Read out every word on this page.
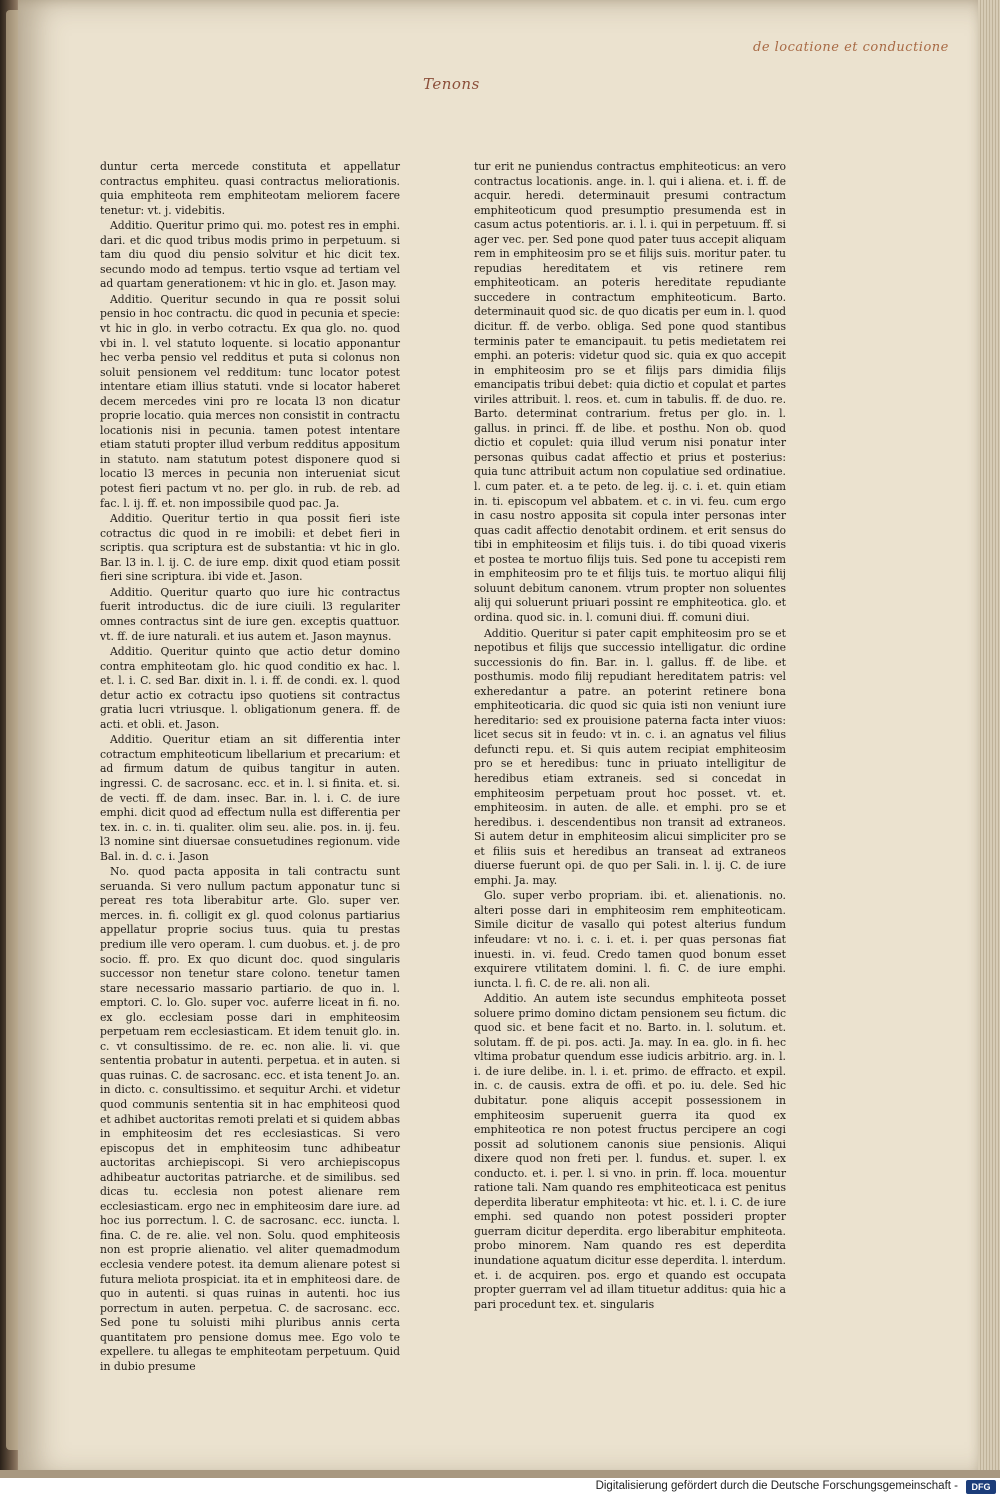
Tenons
de locatione et conductione

duntur certa mercede constituta et appellatur contractus emphiteu. quasi contractus meliorationis. quia emphiteota rem emphiteotam meliorem facere tenetur: vt. j. videbitis.

Additio. Queritur primo qui. mo. potest res in emphi. dari. et dic quod tribus modis primo in perpetuum. si tam diu quod diu pensio solvitur et hic dicit tex. secundo modo ad tempus. tertio vsque ad tertiam vel ad quartam generationem: vt hic in glo. et. Jason may.

Additio. Queritur secundo in qua re possit solui pensio in hoc contractu. dic quod in pecunia et specie: vt hic in glo. in verbo cotractu. Ex qua glo. no. quod vbi in. l. vel statuto loquente. si locatio apponantur hec verba pensio vel redditus et puta si colonus non soluit pensionem vel redditum: tunc locator potest intentare etiam illius statuti. vnde si locator haberet decem mercedes vini pro re locata l3 non dicatur proprie locatio. quia merces non consistit in contractu locationis nisi in pecunia. tamen potest intentare etiam statuti propter illud verbum redditus appositum in statuto. nam statutum potest disponere quod si locatio l3 merces in pecunia non interueniat sicut potest fieri pactum vt no. per glo. in rub. de reb. ad fac. l. ij. ff. et. non impossibile quod pac. Ja.

Additio. Queritur tertio in qua possit fieri iste cotractus dic quod in re imobili: et debet fieri in scriptis. qua scriptura est de substantia: vt hic in glo. Bar. l3 in. l. ij. C. de iure emp. dixit quod etiam possit fieri sine scriptura. ibi vide et. Jason.

Additio. Queritur quarto quo iure hic contractus fuerit introductus. dic de iure ciuili. l3 regulariter omnes contractus sint de iure gen. exceptis quattuor. vt. ff. de iure naturali. et ius autem et. Jason maynus.

Additio. Queritur quinto que actio detur domino contra emphiteotam glo. hic quod conditio ex hac. l. et. l. i. C. sed Bar. dixit in. l. i. ff. de condi. ex. l. quod detur actio ex cotractu ipso quotiens sit contractus gratia lucri vtriusque. l. obligationum genera. ff. de acti. et obli. et. Jason.

Additio. Queritur etiam an sit differentia inter cotractum emphiteoticum libellarium et precarium: et ad firmum datum de quibus tangitur in auten. ingressi. C. de sacrosanc. ecc. et in. l. si finita. et. si. de vecti. ff. de dam. insec. Bar. in. l. i. C. de iure emphi. dicit quod ad effectum nulla est differentia per tex. in. c. in. ti. qualiter. olim seu. alie. pos. in. ij. feu. l3 nomine sint diuersae consuetudines regionum. vide Bal. in. d. c. i. Jason

No. quod pacta apposita in tali contractu sunt seruanda. Si vero nullum pactum apponatur tunc si pereat res tota liberabitur arte. Glo. super ver. merces. in. fi. colligit ex gl. quod colonus partiarius appellatur proprie socius tuus. quia tu prestas predium ille vero operam. l. cum duobus. et. j. de pro socio. ff. pro. Ex quo dicunt doc. quod singularis successor non tenetur stare colono. tenetur tamen stare necessario massario partiario. de quo in. l. emptori. C. lo. Glo. super voc. auferre liceat in fi. no. ex glo. ecclesiam posse dari in emphiteosim perpetuam rem ecclesiasticam. Et idem tenuit glo. in. c. vt consultissimo. de re. ec. non alie. li. vi. que sententia probatur in autenti. perpetua. et in auten. si quas ruinas. C. de sacrosanc. ecc. et ista tenent Jo. an. in dicto. c. consultissimo. et sequitur Archi. et videtur quod communis sententia sit in hac emphiteosi quod et adhibet auctoritas remoti prelati et si quidem abbas in emphiteosim det res ecclesiasticas. Si vero episcopus det in emphiteosim tunc adhibeatur auctoritas archiepiscopi. Si vero archiepiscopus adhibeatur auctoritas patriarche. et de similibus. sed dicas tu. ecclesia non potest alienare rem ecclesiasticam. ergo nec in emphiteosim dare iure. ad hoc ius porrectum. l. C. de sacrosanc. ecc. iuncta. l. fina. C. de re. alie. vel non. Solu. quod emphiteosis non est proprie alienatio. vel aliter quemadmodum ecclesia vendere potest. ita demum alienare potest si futura meliota prospiciat. ita et in emphiteosi dare. de quo in autenti. si quas ruinas in autenti. hoc ius porrectum in auten. perpetua. C. de sacrosanc. ecc. Sed pone tu soluisti mihi pluribus annis certa quantitatem pro pensione domus mee. Ego volo te expellere. tu allegas te emphiteotam perpetuum. Quid in dubio presume

tur erit ne puniendus contractus emphiteoticus: an vero contractus locationis. ange. in. l. qui i aliena. et. i. ff. de acquir. heredi. determinauit presumi contractum emphiteoticum quod presumptio presumenda est in casum actus potentioris. ar. i. l. i. qui in perpetuum. ff. si ager vec. per. Sed pone quod pater tuus accepit aliquam rem in emphiteosim pro se et filijs suis. moritur pater. tu repudias hereditatem et vis retinere rem emphiteoticam. an poteris hereditate repudiante succedere in contractum emphiteoticum. Barto. determinauit quod sic. de quo dicatis per eum in. l. quod dicitur. ff. de verbo. obliga. Sed pone quod stantibus terminis pater te emancipauit. tu petis medietatem rei emphi. an poteris: videtur quod sic. quia ex quo accepit in emphiteosim pro se et filijs pars dimidia filijs emancipatis tribui debet: quia dictio et copulat et partes viriles attribuit. l. reos. et. cum in tabulis. ff. de duo. re. Barto. determinat contrarium. fretus per glo. in. l. gallus. in princi. ff. de libe. et posthu. Non ob. quod dictio et copulet: quia illud verum nisi ponatur inter personas quibus cadat affectio et prius et posterius: quia tunc attribuit actum non copulatiue sed ordinatiue. l. cum pater. et. a te peto. de leg. ij. c. i. et. quin etiam in. ti. episcopum vel abbatem. et c. in vi. feu. cum ergo in casu nostro apposita sit copula inter personas inter quas cadit affectio denotabit ordinem. et erit sensus do tibi in emphiteosim et filijs tuis. i. do tibi quoad vixeris et postea te mortuo filijs tuis. Sed pone tu accepisti rem in emphiteosim pro te et filijs tuis. te mortuo aliqui filij soluunt debitum canonem. vtrum propter non soluentes alij qui soluerunt priuari possint re emphiteotica. glo. et ordina. quod sic. in. l. comuni diui. ff. comuni diui.

Additio. Queritur si pater capit emphiteosim pro se et nepotibus et filijs que successio intelligatur. dic ordine successionis do fin. Bar. in. l. gallus. ff. de libe. et posthumis. modo filij repudiant hereditatem patris: vel exheredantur a patre. an poterint retinere bona emphiteoticaria. dic quod sic quia isti non veniunt iure hereditario: sed ex prouisione paterna facta inter viuos: licet secus sit in feudo: vt in. c. i. an agnatus vel filius defuncti repu. et. Si quis autem recipiat emphiteosim pro se et heredibus: tunc in priuato intelligitur de heredibus etiam extraneis. sed si concedat in emphiteosim perpetuam prout hoc posset. vt. et. emphiteosim. in auten. de alle. et emphi. pro se et heredibus. i. descendentibus non transit ad extraneos. Si autem detur in emphiteosim alicui simpliciter pro se et filiis suis et heredibus an transeat ad extraneos diuerse fuerunt opi. de quo per Sali. in. l. ij. C. de iure emphi. Ja. may.

Glo. super verbo propriam. ibi. et. alienationis. no. alteri posse dari in emphiteosim rem emphiteoticam. Simile dicitur de vasallo qui potest alterius fundum infeudare: vt no. i. c. i. et. i. per quas personas fiat inuesti. in. vi. feud. Credo tamen quod bonum esset exquirere vtilitatem domini. l. fi. C. de iure emphi. iuncta. l. fi. C. de re. ali. non ali.

Additio. An autem iste secundus emphiteota posset soluere primo domino dictam pensionem seu fictum. dic quod sic. et bene facit et no. Barto. in. l. solutum. et. solutam. ff. de pi. pos. acti. Ja. may. In ea. glo. in fi. hec vltima probatur quendum esse iudicis arbitrio. arg. in. l. i. de iure delibe. in. l. i. et. primo. de effracto. et expil. in. c. de causis. extra de offi. et po. iu. dele. Sed hic dubitatur. pone aliquis accepit possessionem in emphiteosim superuenit guerra ita quod ex emphiteotica re non potest fructus percipere an cogi possit ad solutionem canonis siue pensionis. Aliqui dixere quod non freti per. l. fundus. et. super. l. ex conducto. et. i. per. l. si vno. in prin. ff. loca. mouentur ratione tali. Nam quando res emphiteoticaca est penitus deperdita liberatur emphiteota: vt hic. et. l. i. C. de iure emphi. sed quando non potest possideri propter guerram dicitur deperdita. ergo liberabitur emphiteota. probo minorem. Nam quando res est deperdita inundatione aquatum dicitur esse deperdita. l. interdum. et. i. de acquiren. pos. ergo et quando est occupata propter guerram vel ad illam tituetur additus: quia hic a pari procedunt tex. et. singularis

Digitalisierung gefördert durch die Deutsche Forschungsgemeinschaft -	DFG
